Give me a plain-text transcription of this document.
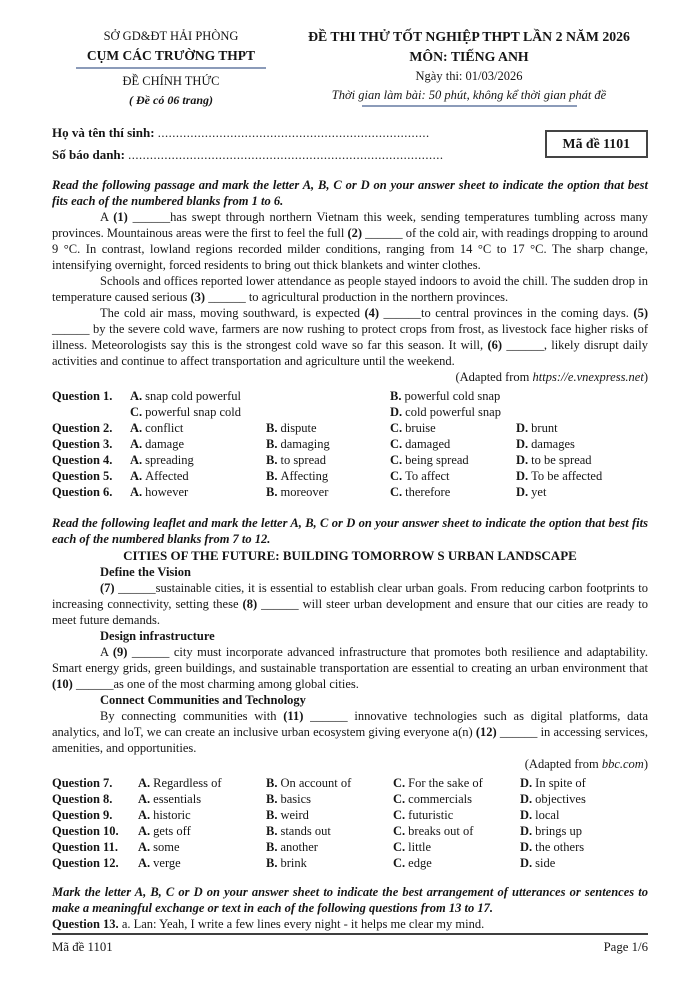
SỞ GD&ĐT HẢI PHÒNG
CỤM CÁC TRƯỜNG THPT
ĐỀ CHÍNH THỨC
( Đề có 06 trang)
ĐỀ THI THỬ TỐT NGHIỆP THPT LẦN 2 NĂM 2026
MÔN: TIẾNG ANH
Ngày thi: 01/03/2026
Thời gian làm bài: 50 phút, không kể thời gian phát đề
Họ và tên thí sinh: ...........................................................................
Số báo danh: .......................................................................................
Mã đề 1101
Read the following passage and mark the letter A, B, C or D on your answer sheet to indicate the option that best fits each of the numbered blanks from 1 to 6.
A (1) ______has swept through northern Vietnam this week, sending temperatures tumbling across many provinces. Mountainous areas were the first to feel the full (2) ______ of the cold air, with readings dropping to around 9 °C. In contrast, lowland regions recorded milder conditions, ranging from 14 °C to 17 °C. The sharp change, intensifying overnight, forced residents to bring out thick blankets and winter clothes.
Schools and offices reported lower attendance as people stayed indoors to avoid the chill. The sudden drop in temperature caused serious (3) ______ to agricultural production in the northern provinces.
The cold air mass, moving southward, is expected (4) ______to central provinces in the coming days. (5) ______ by the severe cold wave, farmers are now rushing to protect crops from frost, as livestock face higher risks of illness. Meteorologists say this is the strongest cold wave so far this season. It will, (6) ______, likely disrupt daily activities and continue to affect transportation and agriculture until the weekend.
(Adapted from https://e.vnexpress.net)
Question 1.	A. snap cold powerful	B. powerful cold snap
C. powerful snap cold	D. cold powerful snap
Question 2.	A. conflict	B. dispute	C. bruise	D. brunt
Question 3.	A. damage	B. damaging	C. damaged	D. damages
Question 4.	A. spreading	B. to spread	C. being spread	D. to be spread
Question 5.	A. Affected	B. Affecting	C. To affect	D. To be affected
Question 6.	A. however	B. moreover	C. therefore	D. yet
Read the following leaflet and mark the letter A, B, C or D on your answer sheet to indicate the option that best fits each of the numbered blanks from 7 to 12.
CITIES OF THE FUTURE: BUILDING TOMORROW S URBAN LANDSCAPE
Define the Vision
(7) ______sustainable cities, it is essential to establish clear urban goals. From reducing carbon footprints to increasing connectivity, setting these (8) ______ will steer urban development and ensure that our cities are ready to meet future demands.
Design infrastructure
A (9) ______ city must incorporate advanced infrastructure that promotes both resilience and adaptability. Smart energy grids, green buildings, and sustainable transportation are essential to creating an urban environment that (10) ______as one of the most charming among global cities.
Connect Communities and Technology
By connecting communities with (11) ______ innovative technologies such as digital platforms, data analytics, and loT, we can create an inclusive urban ecosystem giving everyone a(n) (12) ______ in accessing services, amenities, and opportunities.
(Adapted from bbc.com)
Question 7.	A. Regardless of	B. On account of	C. For the sake of	D. In spite of
Question 8.	A. essentials	B. basics	C. commercials	D. objectives
Question 9.	A. historic	B. weird	C. futuristic	D. local
Question 10.	A. gets off	B. stands out	C. breaks out of	D. brings up
Question 11.	A. some	B. another	C. little	D. the others
Question 12.	A. verge	B. brink	C. edge	D. side
Mark the letter A, B, C or D on your answer sheet to indicate the best arrangement of utterances or sentences to make a meaningful exchange or text in each of the following questions from 13 to 17.
Question 13. a. Lan: Yeah, I write a few lines every night - it helps me clear my mind.
Mã đề 1101	Page 1/6
